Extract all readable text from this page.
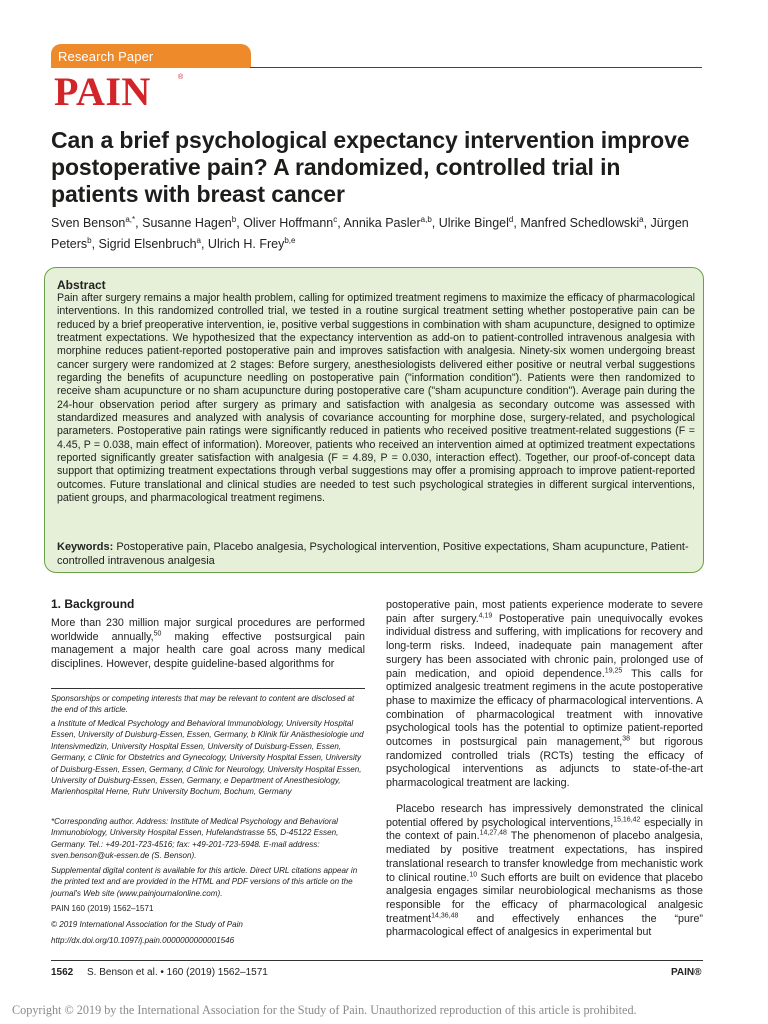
Research Paper
PAIN	®
Can a brief psychological expectancy intervention improve postoperative pain? A randomized, controlled trial in patients with breast cancer
Sven Benson$^{a,*}$, Susanne Hagen$^b$, Oliver Hoffmann$^c$, Annika Pasler$^{a,b}$, Ulrike Bingel$^d$, Manfred Schedlowski$^a$, Jürgen Peters$^b$, Sigrid Elsenbruch$^a$, Ulrich H. Frey$^{b,e}$
Abstract

Pain after surgery remains a major health problem, calling for optimized treatment regimens to maximize the efficacy of pharmacological interventions. In this randomized controlled trial, we tested in a routine surgical treatment setting whether postoperative pain can be reduced by a brief preoperative intervention, ie, positive verbal suggestions in combination with sham acupuncture, designed to optimize treatment expectations. We hypothesized that the expectancy intervention as add-on to patient-controlled intravenous analgesia with morphine reduces patient-reported postoperative pain and improves satisfaction with analgesia. Ninety-six women undergoing breast cancer surgery were randomized at 2 stages: Before surgery, anesthesiologists delivered either positive or neutral verbal suggestions regarding the benefits of acupuncture needling on postoperative pain ("information condition"). Patients were then randomized to receive sham acupuncture or no sham acupuncture during postoperative care ("sham acupuncture condition"). Average pain during the 24-hour observation period after surgery as primary and satisfaction with analgesia as secondary outcome was assessed with standardized measures and analyzed with analysis of covariance accounting for morphine dose, surgery-related, and psychological parameters. Postoperative pain ratings were significantly reduced in patients who received positive treatment-related suggestions (F = 4.45, P = 0.038, main effect of information). Moreover, patients who received an intervention aimed at optimized treatment expectations reported significantly greater satisfaction with analgesia (F = 4.89, P = 0.030, interaction effect). Together, our proof-of-concept data support that optimizing treatment expectations through verbal suggestions may offer a promising approach to improve patient-reported outcomes. Future translational and clinical studies are needed to test such psychological strategies in different surgical interventions, patient groups, and pharmacological treatment regimens.

Keywords: Postoperative pain, Placebo analgesia, Psychological intervention, Positive expectations, Sham acupuncture, Patient-controlled intravenous analgesia
1. Background

More than 230 million major surgical procedures are performed worldwide annually,$^{50}$ making effective postsurgical pain management a major health care goal across many medical disciplines. However, despite guideline-based algorithms for

Sponsorships or competing interests that may be relevant to content are disclosed at the end of this article.

a Institute of Medical Psychology and Behavioral Immunobiology, University Hospital Essen, University of Duisburg-Essen, Essen, Germany, b Klinik für Anästhesiologie und Intensivmedizin, University Hospital Essen, University of Duisburg-Essen, Essen, Germany, c Clinic for Obstetrics and Gynecology, University Hospital Essen, University of Duisburg-Essen, Essen, Germany, d Clinic for Neurology, University Hospital Essen, University of Duisburg-Essen, Essen, Germany, e Department of Anesthesiology, Marienhospital Herne, Ruhr University Bochum, Bochum, Germany

*Corresponding author. Address: Institute of Medical Psychology and Behavioral Immunobiology, University Hospital Essen, Hufelandstrasse 55, D-45122 Essen, Germany. Tel.: +49-201-723-4516; fax: +49-201-723-5948. E-mail address: sven.benson@uk-essen.de (S. Benson).

Supplemental digital content is available for this article. Direct URL citations appear in the printed text and are provided in the HTML and PDF versions of this article on the journal's Web site (www.painjournalonline.com).

PAIN 160 (2019) 1562–1571

© 2019 International Association for the Study of Pain

http://dx.doi.org/10.1097/j.pain.0000000000001546

postoperative pain, most patients experience moderate to severe pain after surgery.$^{4,19}$ Postoperative pain unequivocally evokes individual distress and suffering, with implications for recovery and long-term risks. Indeed, inadequate pain management after surgery has been associated with chronic pain, prolonged use of pain medication, and opioid dependence.$^{19,25}$ This calls for optimized analgesic treatment regimens in the acute postoperative phase to maximize the efficacy of pharmacological interventions. A combination of pharmacological treatment with innovative psychological tools has the potential to optimize patient-reported outcomes in postsurgical pain management,$^{38}$ but rigorous randomized controlled trials (RCTs) testing the efficacy of psychological interventions as adjuncts to state-of-the-art pharmacological treatment are lacking.

Placebo research has impressively demonstrated the clinical potential offered by psychological interventions,$^{15,16,42}$ especially in the context of pain.$^{14,27,48}$ The phenomenon of placebo analgesia, mediated by positive treatment expectations, has inspired translational research to transfer knowledge from mechanistic work to clinical routine.$^{10}$ Such efforts are built on evidence that placebo analgesia engages similar neurobiological mechanisms as those responsible for the efficacy of pharmacological analgesic treatment$^{14,36,48}$ and effectively enhances the “pure” pharmacological effect of analgesics in experimental but

1562 S. Benson et al. • 160 (2019) 1562–1571	PAIN®
Copyright © 2019 by the International Association for the Study of Pain. Unauthorized reproduction of this article is prohibited.
